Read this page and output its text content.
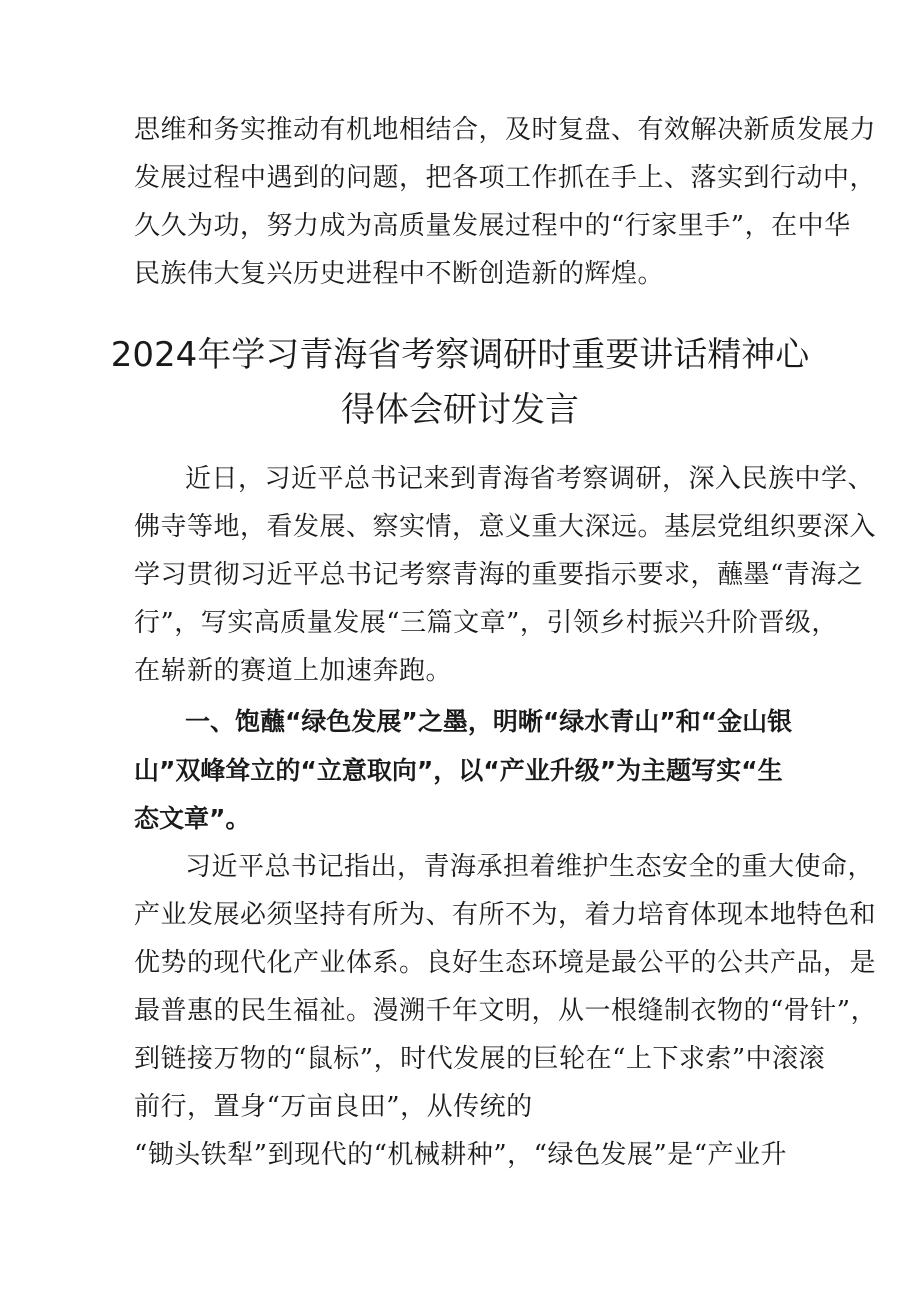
思维和务实推动有机地相结合，及时复盘、有效解决新质发展力
发展过程中遇到的问题，把各项工作抓在手上、落实到行动中，
久久为功，努力成为高质量发展过程中的“行家里手”，在中华
民族伟大复兴历史进程中不断创造新的辉煌。
2024年学习青海省考察调研时重要讲话精神心
得体会研讨发言
近日，习近平总书记来到青海省考察调研，深入民族中学、
佛寺等地，看发展、察实情，意义重大深远。基层党组织要深入
学习贯彻习近平总书记考察青海的重要指示要求，蘸墨“青海之
行”，写实高质量发展“三篇文章”，引领乡村振兴升阶晋级，
在崭新的赛道上加速奔跑。
一、饱蘸“绿色发展”之墨，明晰“绿水青山”和“金山银
山”双峰耸立的“立意取向”，以“产业升级”为主题写实“生
态文章”。
习近平总书记指出，青海承担着维护生态安全的重大使命，
产业发展必须坚持有所为、有所不为，着力培育体现本地特色和
优势的现代化产业体系。良好生态环境是最公平的公共产品，是
最普惠的民生福祉。漫溯千年文明，从一根缝制衣物的“骨针”，
到链接万物的“鼠标”，时代发展的巨轮在“上下求索”中滚滚
前行，置身“万亩良田”，从传统的
“锄头铁犁”到现代的“机械耕种”，“绿色发展”是“产业升
